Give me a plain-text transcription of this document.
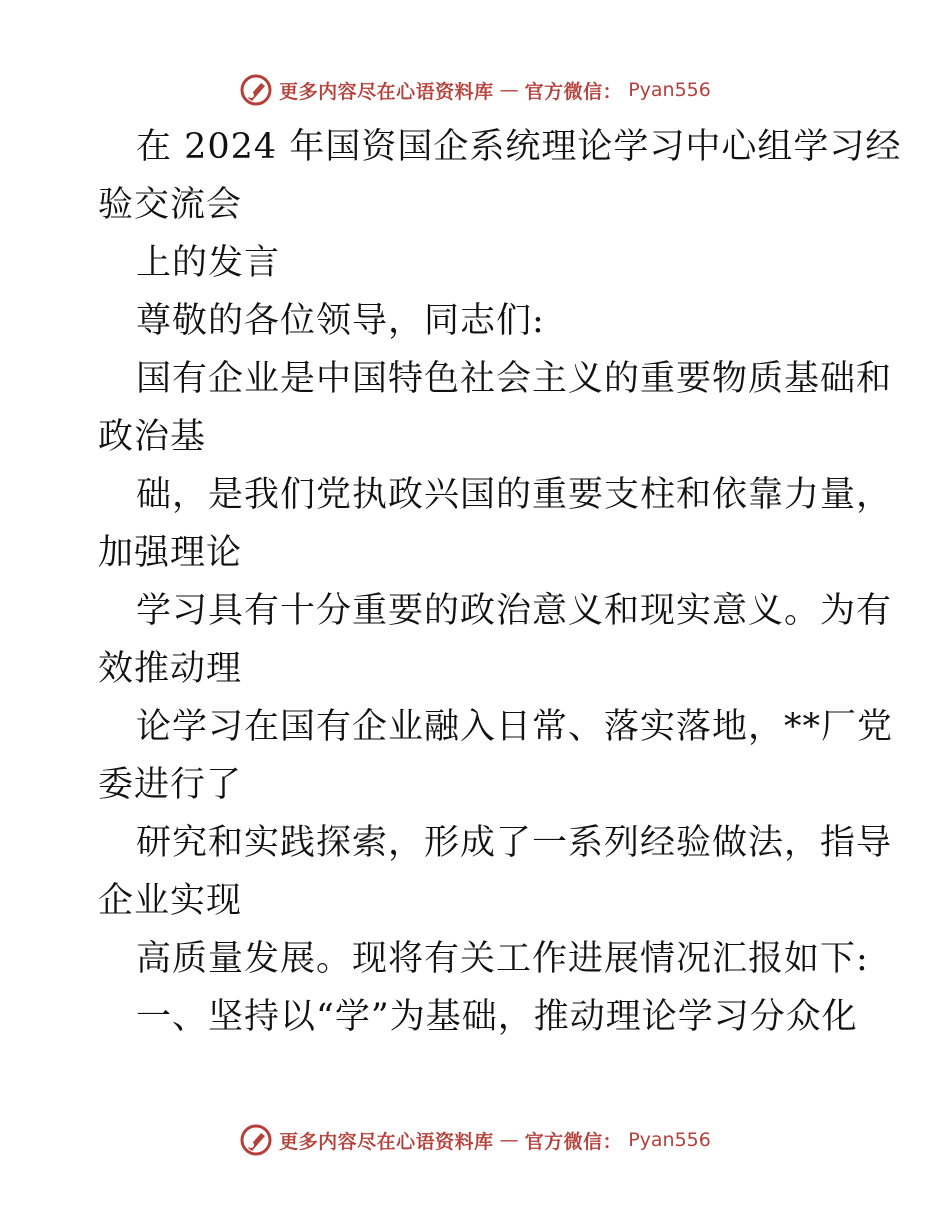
更多内容尽在心语资料库 — 官方微信： Pyan556
在 2024 年国资国企系统理论学习中心组学习经
验交流会
上的发言
尊敬的各位领导，同志们:
国有企业是中国特色社会主义的重要物质基础和
政治基
础，是我们党执政兴国的重要支柱和依靠力量，
加强理论
学习具有十分重要的政治意义和现实意义。为有
效推动理
论学习在国有企业融入日常、落实落地，**厂党
委进行了
研究和实践探索，形成了一系列经验做法，指导
企业实现
高质量发展。现将有关工作进展情况汇报如下:
一、坚持以“学”为基础，推动理论学习分众化
更多内容尽在心语资料库 — 官方微信： Pyan556
